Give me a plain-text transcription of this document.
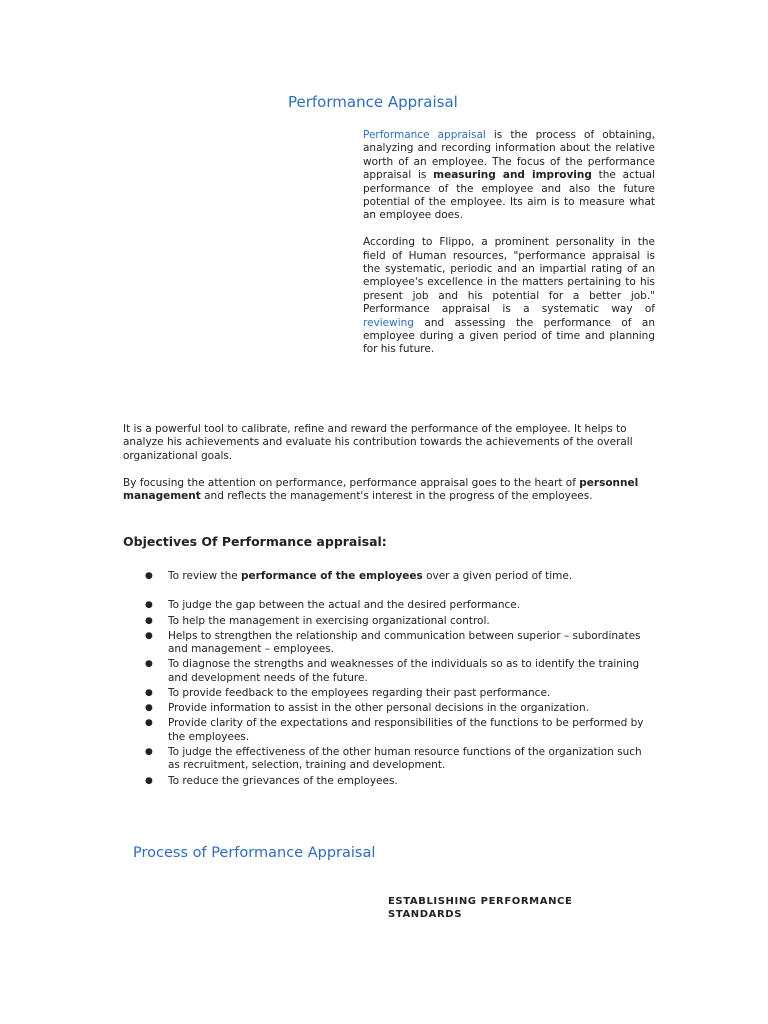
Performance Appraisal

Performance appraisal is the process of obtaining, analyzing and recording information about the relative worth of an employee. The focus of the performance appraisal is measuring and improving the actual performance of the employee and also the future potential of the employee. Its aim is to measure what an employee does.

According to Flippo, a prominent personality in the field of Human resources, "performance appraisal is the systematic, periodic and an impartial rating of an employee's excellence in the matters pertaining to his present job and his potential for a better job." Performance appraisal is a systematic way of reviewing and assessing the performance of an employee during a given period of time and planning for his future.

It is a powerful tool to calibrate, refine and reward the performance of the employee. It helps to analyze his achievements and evaluate his contribution towards the achievements of the overall organizational goals.

By focusing the attention on performance, performance appraisal goes to the heart of personnel management and reflects the management's interest in the progress of the employees.

Objectives Of Performance appraisal:
● To review the performance of the employees over a given period of time.
● To judge the gap between the actual and the desired performance.
● To help the management in exercising organizational control.
● Helps to strengthen the relationship and communication between superior – subordinates and management – employees.
● To diagnose the strengths and weaknesses of the individuals so as to identify the training and development needs of the future.
● To provide feedback to the employees regarding their past performance.
● Provide information to assist in the other personal decisions in the organization.
● Provide clarity of the expectations and responsibilities of the functions to be performed by the employees.
● To judge the effectiveness of the other human resource functions of the organization such as recruitment, selection, training and development.
● To reduce the grievances of the employees.
Process of Performance Appraisal

ESTABLISHING PERFORMANCE STANDARDS
